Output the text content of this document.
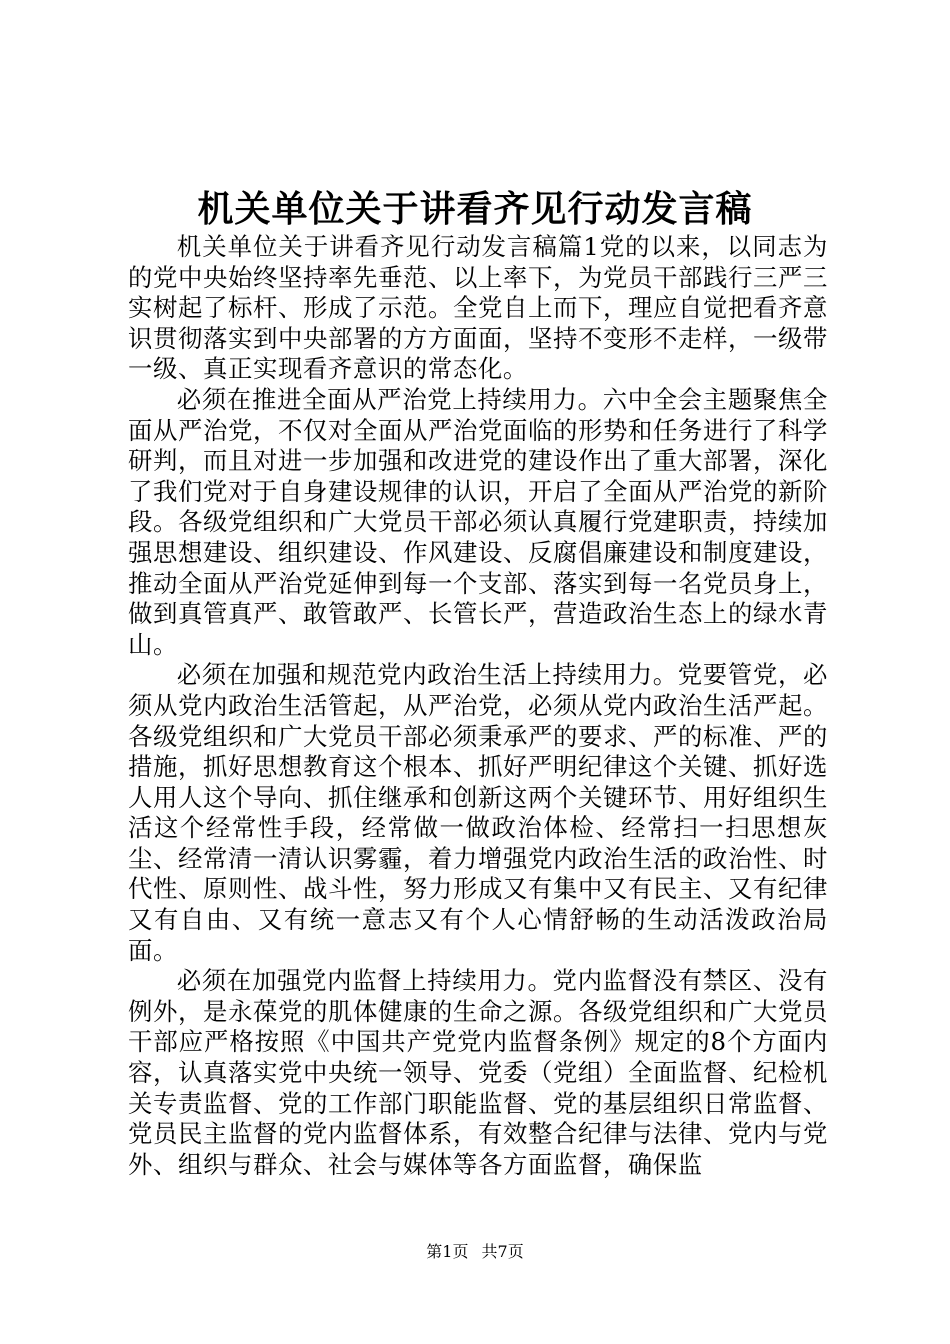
机关单位关于讲看齐见行动发言稿

机关单位关于讲看齐见行动发言稿篇1党的以来，以同志为的党中央始终坚持率先垂范、以上率下，为党员干部践行三严三实树起了标杆、形成了示范。全党自上而下，理应自觉把看齐意识贯彻落实到中央部署的方方面面，坚持不变形不走样，一级带一级、真正实现看齐意识的常态化。

必须在推进全面从严治党上持续用力。六中全会主题聚焦全面从严治党，不仅对全面从严治党面临的形势和任务进行了科学研判，而且对进一步加强和改进党的建设作出了重大部署，深化了我们党对于自身建设规律的认识，开启了全面从严治党的新阶段。各级党组织和广大党员干部必须认真履行党建职责，持续加强思想建设、组织建设、作风建设、反腐倡廉建设和制度建设，推动全面从严治党延伸到每一个支部、落实到每一名党员身上，做到真管真严、敢管敢严、长管长严，营造政治生态上的绿水青山。

必须在加强和规范党内政治生活上持续用力。党要管党，必须从党内政治生活管起，从严治党，必须从党内政治生活严起。各级党组织和广大党员干部必须秉承严的要求、严的标准、严的措施，抓好思想教育这个根本、抓好严明纪律这个关键、抓好选人用人这个导向、抓住继承和创新这两个关键环节、用好组织生活这个经常性手段，经常做一做政治体检、经常扫一扫思想灰尘、经常清一清认识雾霾，着力增强党内政治生活的政治性、时代性、原则性、战斗性，努力形成又有集中又有民主、又有纪律又有自由、又有统一意志又有个人心情舒畅的生动活泼政治局面。

必须在加强党内监督上持续用力。党内监督没有禁区、没有例外，是永葆党的肌体健康的生命之源。各级党组织和广大党员干部应严格按照《中国共产党党内监督条例》规定的8个方面内容，认真落实党中央统一领导、党委（党组）全面监督、纪检机关专责监督、党的工作部门职能监督、党的基层组织日常监督、党员民主监督的党内监督体系，有效整合纪律与法律、党内与党外、组织与群众、社会与媒体等各方面监督，确保监

第1页 共7页
